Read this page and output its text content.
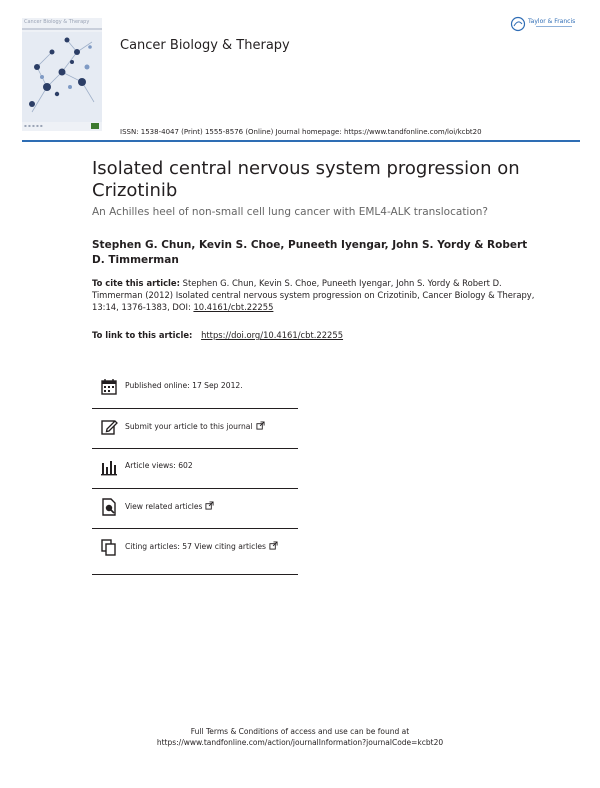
Cancer Biology & Therapy
▪ ▪ ▪ ▪ ▪
Cancer Biology & Therapy
Taylor & Francis
ISSN: 1538-4047 (Print) 1555-8576 (Online) Journal homepage: https://www.tandfonline.com/loi/kcbt20
Isolated central nervous system progression on Crizotinib

An Achilles heel of non-small cell lung cancer with EML4-ALK translocation?

Stephen G. Chun, Kevin S. Choe, Puneeth Iyengar, John S. Yordy & Robert D. Timmerman
To cite this article: Stephen G. Chun, Kevin S. Choe, Puneeth Iyengar, John S. Yordy & Robert D. Timmerman (2012) Isolated central nervous system progression on Crizotinib, Cancer Biology & Therapy, 13:14, 1376-1383, DOI: 10.4161/cbt.22255
To link to this article: https://doi.org/10.4161/cbt.22255
Published online: 17 Sep 2012.
Submit your article to this journal
Article views: 602
View related articles
Citing articles: 57 View citing articles
Full Terms & Conditions of access and use can be found at
https://www.tandfonline.com/action/journalInformation?journalCode=kcbt20
